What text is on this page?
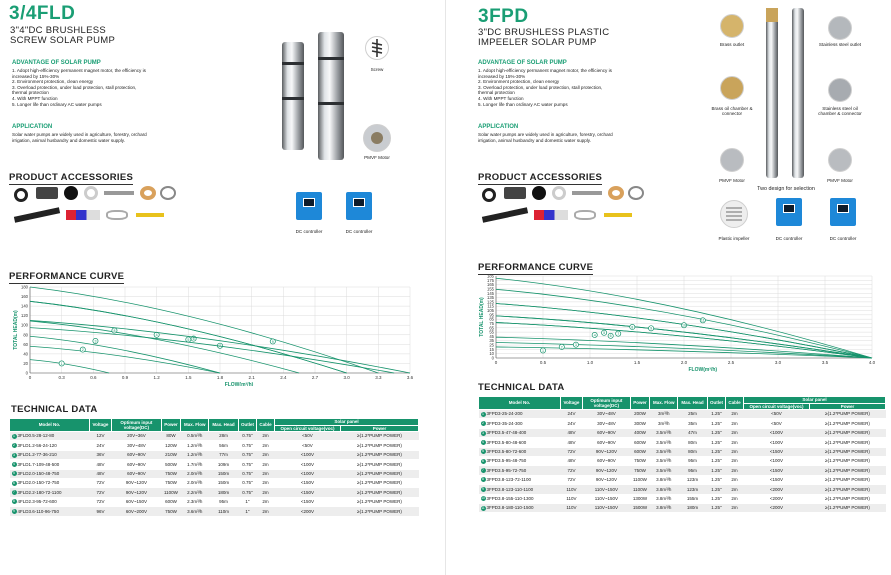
3/4FLD
3"4"DC BRUSHLESS
SCREW SOLAR PUMP
ADVANTAGE OF SOLAR PUMP
1. Adopt high-efficiency permanent magnet motor, the efficiency is
increased by 15%-30%
2. Environment protection, clean energy
3. Overload protection, under load protection, stall protection,
thermal protection
4. With MPPT function
5. Longer life than ordinary AC water pumps
APPLICATION
Solar water pumps are widely used in agriculture, forestry, orchard
irrigation, animal husbandry and domestic water supply.
Screw
PMVF Motor
PRODUCT ACCESSORIES
DC controller	DC controller
PERFORMANCE CURVE
0	0.3	0.6	0.9	1.2	1.5	1.8	2.1	2.4	2.7	3.0	3.3	3.6
0
20
40
60
80
100
120
140
160
180
FLOW(m³/h)
TOTAL HEAD(m)
1
2
3
4
5 6
7
8
9
TECHNICAL DATA
Model No.	Voltage	Optimum input voltage(DC)	Power	Max. Flow	Max. Head	Outlet	Cable	Solar panel	
								Open circuit voltage(voc)	Power
1 3FLD0.5-28-12-80	12V	20V~36V	80W	0.5m³/h	28m	0.75"	2m	<50V	≥(1.2*PUMP POWER)
2 3FLD1.2-56-24-120	24V	30V~48V	120W	1.2m³/h	56m	0.75"	2m	<50V	≥(1.2*PUMP POWER)
3 3FLD1.2-77-36-210	36V	60V~90V	210W	1.2m³/h	77m	0.75"	2m	<100V	≥(1.2*PUMP POWER)
4 3FLD1.7-109-48-500	48V	60V~90V	500W	1.7m³/h	109m	0.75"	2m	<100V	≥(1.2*PUMP POWER)
5 3FLD2.0-150-48-750	48V	60V~90V	750W	2.0m³/h	150m	0.75"	2m	<100V	≥(1.2*PUMP POWER)
6 3FLD2.0-150-72-750	72V	90V~120V	750W	2.0m³/h	150m	0.75"	2m	<150V	≥(1.2*PUMP POWER)
7 3FLD2.2-180-72-1100	72V	90V~120V	1100W	2.2m³/h	180m	0.75"	2m	<150V	≥(1.2*PUMP POWER)
8 4FLD2.3-95-72-600	72V	60V~150V	600W	2.3m³/h	95m	1"	2m	<150V	≥(1.2*PUMP POWER)
9 4FLD3.6-110-96-750	96V	60V~200V	750W	3.6m³/h	110m	1"	2m	<200V	≥(1.2*PUMP POWER)
3FPD
3"DC BRUSHLESS PLASTIC
IMPEELER SOLAR PUMP
ADVANTAGE OF SOLAR PUMP
1. Adopt high-efficiency permanent magnet motor, the efficiency is
increased by 15%-30%
2. Environment protection, clean energy
3. Overload protection, under load protection, stall protection,
thermal protection
4. With MPPT function
5. Longer life than ordinary AC water pumps
APPLICATION
Solar water pumps are widely used in agriculture, forestry, orchard
irrigation, animal husbandry and domestic water supply.
Brass outlet
Brass oil chamber & connector
PMVF Motor
Stainless steel outlet
Stainless steel oil chamber & connector
PMVF Motor
Two design for selection
Plastic impeller	DC controller	DC controller
PRODUCT ACCESSORIES
PERFORMANCE CURVE
0	0.5	1.0	1.5	2.0	2.5	3.0	3.5	4.0
0
10
15
25
35
45
55
65
75
85
95
105
115
125
135
145
155
165
175
185
FLOW(m³/h)
TOTAL HEAD(m)
1
2
3
4
5
6
7
8	9
10
11
TECHNICAL DATA
Model No.	Voltage	Optimum input voltage(DC)	Power	Max. Flow	Max. Head	Outlet	Cable	Solar panel	
								Open circuit voltage(voc)	Power
1 3FPD3-25-24-200	24V	30V~48V	200W	3m³/h	25m	1.25"	2m	<50V	≥(1.2*PUMP POWER)
2 3FPD3-35-24-300	24V	30V~48V	300W	3m³/h	35m	1.25"	2m	<50V	≥(1.2*PUMP POWER)
3 3FPD3.5-47-48-400	48V	60V~90V	400W	3.5m³/h	47m	1.25"	2m	<100V	≥(1.2*PUMP POWER)
4 3FPD3.5-80-48-600	48V	60V~90V	600W	3.5m³/h	80m	1.25"	2m	<100V	≥(1.2*PUMP POWER)
5 3FPD3.5-80-72-600	72V	90V~120V	600W	3.5m³/h	80m	1.25"	2m	<150V	≥(1.2*PUMP POWER)
6 3FPD3.5-95-48-750	48V	60V~90V	750W	3.5m³/h	95m	1.25"	2m	<100V	≥(1.2*PUMP POWER)
7 3FPD3.5-95-72-750	72V	90V~120V	750W	3.5m³/h	95m	1.25"	2m	<150V	≥(1.2*PUMP POWER)
8 3FPD3.8-123-72-1100	72V	90V~120V	1100W	3.8m³/h	123m	1.25"	2m	<150V	≥(1.2*PUMP POWER)
9 3FPD3.8-123-110-1100	110V	110V~150V	1100W	3.8m³/h	123m	1.25"	2m	<200V	≥(1.2*PUMP POWER)
10 3FPD3.8-155-110-1300	110V	110V~150V	1300W	3.8m³/h	155m	1.25"	2m	<200V	≥(1.2*PUMP POWER)
11 3FPD3.8-180-110-1500	110V	110V~150V	1500W	3.8m³/h	180m	1.25"	2m	<200V	≥(1.2*PUMP POWER)
